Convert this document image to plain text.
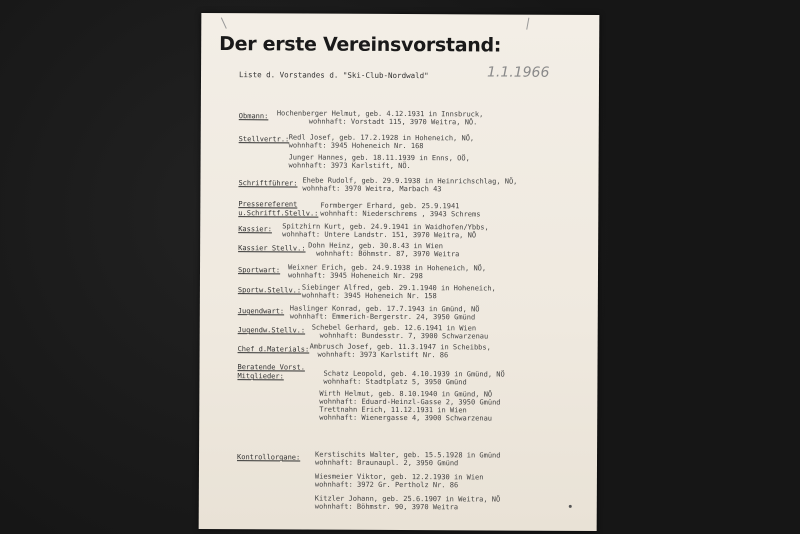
Der erste Vereinsvorstand:
Liste d. Vorstandes d. "Ski-Club-Nordwald"	1.1.1966
Obmann: Hochenberger Helmut, geb. 4.12.1931 in Innsbruck,
wohnhaft: Vorstadt 115, 3970 Weitra, NÖ.
Stellvertr.: Redl Josef, geb. 17.2.1928 in Hoheneich, NÖ,
wohnhaft: 3945 Hoheneich Nr. 168
Junger Hannes, geb. 18.11.1939 in Enns, OÖ,
wohnhaft: 3973 Karlstift, NÖ.
Schriftführer: Ehebe Rudolf, geb. 29.9.1938 in Heinrichschlag, NÖ,
wohnhaft: 3970 Weitra, Marbach 43
Pressereferent u.Schriftf.Stellv.:
Formberger Erhard, geb. 25.9.1941
wohnhaft: Niederschrems , 3943 Schrems
Kassier: Spitzhirn Kurt, geb. 24.9.1941 in Waidhofen/Ybbs,
wohnhaft: Untere Landstr. 151, 3970 Weitra, NÖ
Kassier Stellv.: Dohn Heinz, geb. 30.8.43 in Wien
wohnhaft: Böhmstr. 87, 3970 Weitra
Sportwart: Weixner Erich, geb. 24.9.1938 in Hoheneich, NÖ,
wohnhaft: 3945 Hoheneich Nr. 298
Sportw.Stellv.: Siebinger Alfred, geb. 29.1.1940 in Hoheneich,
wohnhaft: 3945 Hoheneich Nr. 158
Jugendwart: Haslinger Konrad, geb. 17.7.1943 in Gmünd, NÖ
wohnhaft: Emmerich-Bergerstr. 24, 3950 Gmünd
Jugendw.Stellv.: Schebel Gerhard, geb. 12.6.1941 in Wien
wohnhaft: Bundesstr. 7, 3900 Schwarzenau
Chef d.Materials: Ambrusch Josef, geb. 11.3.1947 in Scheibbs,
wohnhaft: 3973 Karlstift Nr. 86
Beratende Vorst. Mitglieder:	Schatz Leopold, geb. 4.10.1939 in Gmünd, NÖ
wohnhaft: Stadtplatz 5, 3950 Gmünd
Wirth Helmut, geb. 8.10.1940 in Gmünd, NÖ
wohnhaft: Eduard-Heinzl-Gasse 2, 3950 Gmünd
Trettnahn Erich, 11.12.1931 in Wien
wohnhaft: Wienergasse 4, 3900 Schwarzenau
Kontrollorgane: Kerstischits Walter, geb. 15.5.1928 in Gmünd
wohnhaft: Braunaupl. 2, 3950 Gmünd
Wiesmeier Viktor, geb. 12.2.1930 in Wien
wohnhaft: 3972 Gr. Pertholz Nr. 86
Kitzler Johann, geb. 25.6.1907 in Weitra, NÖ
wohnhaft: Böhmstr. 90, 3970 Weitra
